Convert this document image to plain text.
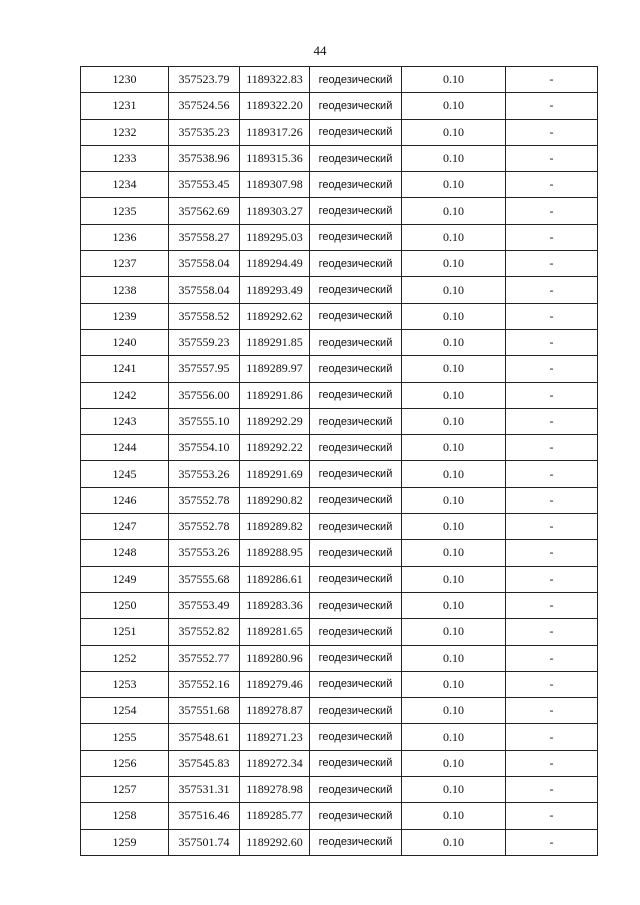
44
1230	357523.79	1189322.83	геодезический	0.10	-
1231	357524.56	1189322.20	геодезический	0.10	-
1232	357535.23	1189317.26	геодезический	0.10	-
1233	357538.96	1189315.36	геодезический	0.10	-
1234	357553.45	1189307.98	геодезический	0.10	-
1235	357562.69	1189303.27	геодезический	0.10	-
1236	357558.27	1189295.03	геодезический	0.10	-
1237	357558.04	1189294.49	геодезический	0.10	-
1238	357558.04	1189293.49	геодезический	0.10	-
1239	357558.52	1189292.62	геодезический	0.10	-
1240	357559.23	1189291.85	геодезический	0.10	-
1241	357557.95	1189289.97	геодезический	0.10	-
1242	357556.00	1189291.86	геодезический	0.10	-
1243	357555.10	1189292.29	геодезический	0.10	-
1244	357554.10	1189292.22	геодезический	0.10	-
1245	357553.26	1189291.69	геодезический	0.10	-
1246	357552.78	1189290.82	геодезический	0.10	-
1247	357552.78	1189289.82	геодезический	0.10	-
1248	357553.26	1189288.95	геодезический	0.10	-
1249	357555.68	1189286.61	геодезический	0.10	-
1250	357553.49	1189283.36	геодезический	0.10	-
1251	357552.82	1189281.65	геодезический	0.10	-
1252	357552.77	1189280.96	геодезический	0.10	-
1253	357552.16	1189279.46	геодезический	0.10	-
1254	357551.68	1189278.87	геодезический	0.10	-
1255	357548.61	1189271.23	геодезический	0.10	-
1256	357545.83	1189272.34	геодезический	0.10	-
1257	357531.31	1189278.98	геодезический	0.10	-
1258	357516.46	1189285.77	геодезический	0.10	-
1259	357501.74	1189292.60	геодезический	0.10	-
